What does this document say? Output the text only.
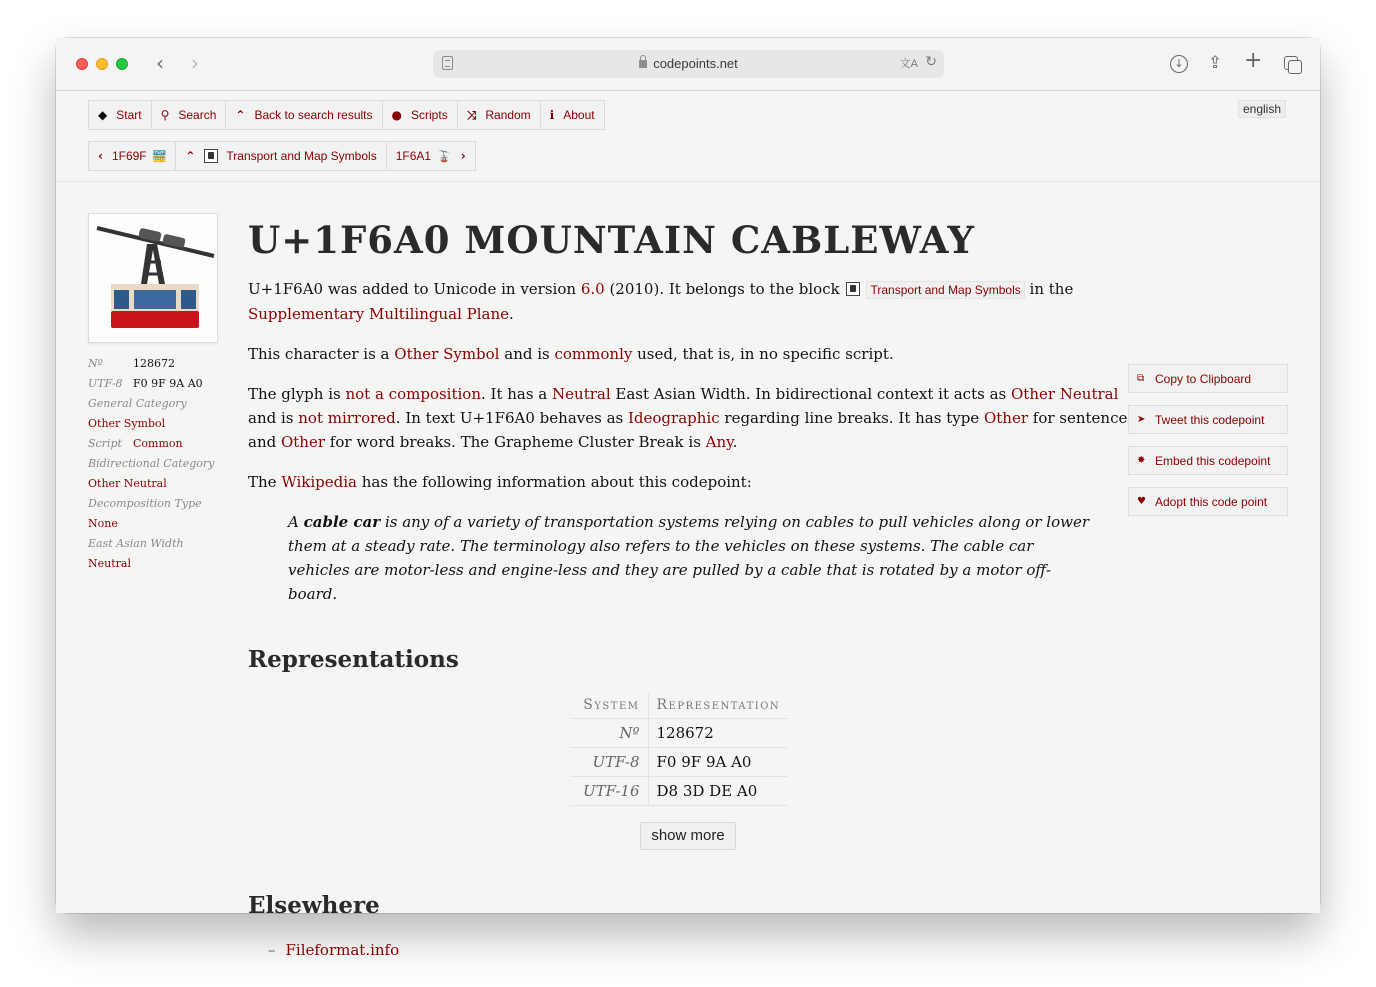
‹ ›	codepoints.net	文A ↻	↓ ⇪ +
◆ Start ⚲ Search ⌃ Back to search results ● Scripts ⤨ Random ℹ About	english
‹ 1F69F 🚟 ⌃	Transport and Map Symbols 1F6A1 🚡 ›
Nº	128672
UTF-8 F0 9F 9A A0
General Category
Other Symbol
Script Common
Bidirectional Category
Other Neutral
Decomposition Type
None
East Asian Width
Neutral
U+1F6A0 MOUNTAIN CABLEWAY

U+1F6A0 was added to Unicode in version 6.0 (2010). It belongs to the block Transport and Map Symbols in the
Supplementary Multilingual Plane.

This character is a Other Symbol and is commonly used, that is, in no specific script.

The glyph is not a composition. It has a Neutral East Asian Width. In bidirectional context it acts as Other Neutral and is not mirrored. In text U+1F6A0 behaves as Ideographic regarding line breaks. It has type Other for sentence and Other for word breaks. The Grapheme Cluster Break is Any.

The Wikipedia has the following information about this codepoint:

A cable car is any of a variety of transportation systems relying on cables to pull vehicles along or lower them at a steady rate. The terminology also refers to the vehicles on these systems. The cable car vehicles are motor-less and engine-less and they are pulled by a cable that is rotated by a motor off-board.
Representations
System	Representation
Nº	128672
UTF-8	F0 9F 9A A0
UTF-16	D8 3D DE A0
show more
Elsewhere
– Fileformat.info
⧉ Copy to Clipboard
➤ Tweet this codepoint
✸ Embed this codepoint
♥ Adopt this code point
